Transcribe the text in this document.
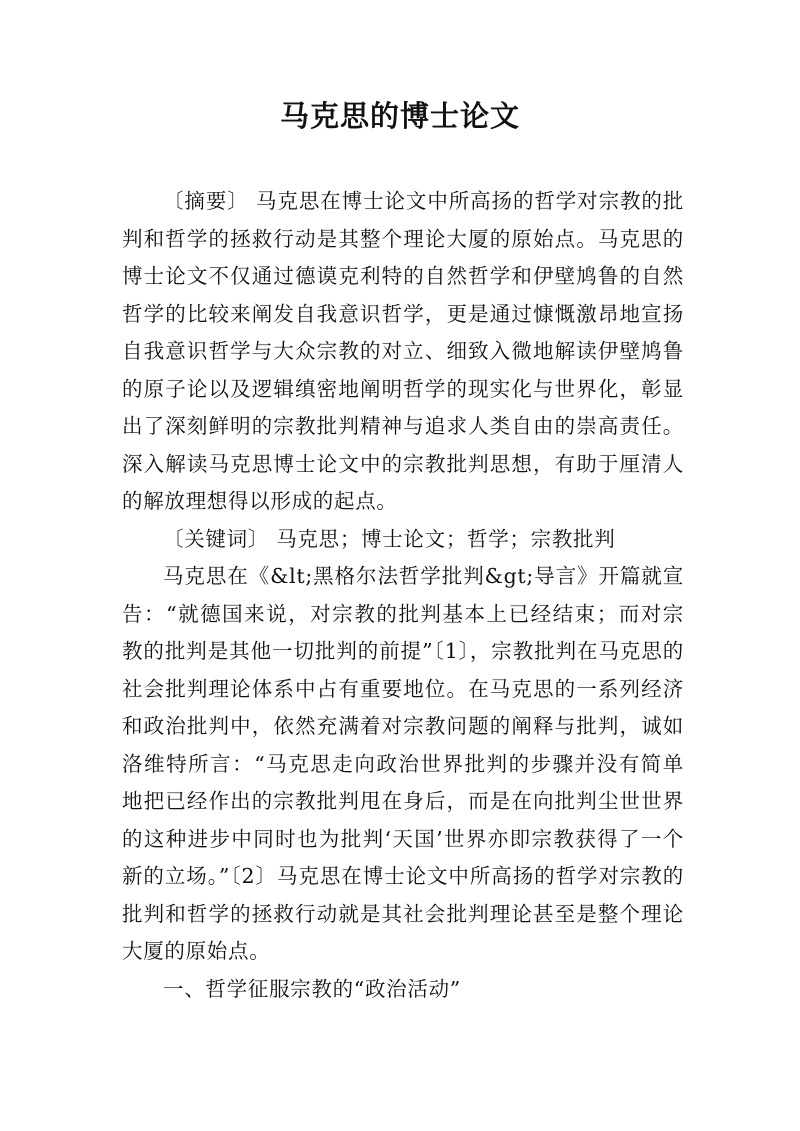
马克思的博士论文

〔摘要〕 马克思在博士论文中所高扬的哲学对宗教的批判和哲学的拯救行动是其整个理论大厦的原始点。马克思的博士论文不仅通过德谟克利特的自然哲学和伊壁鸠鲁的自然哲学的比较来阐发自我意识哲学，更是通过慷慨激昂地宣扬自我意识哲学与大众宗教的对立、细致入微地解读伊壁鸠鲁的原子论以及逻辑缜密地阐明哲学的现实化与世界化，彰显出了深刻鲜明的宗教批判精神与追求人类自由的崇高责任。深入解读马克思博士论文中的宗教批判思想，有助于厘清人的解放理想得以形成的起点。

〔关键词〕 马克思；博士论文；哲学；宗教批判

马克思在《&lt;黑格尔法哲学批判&gt;导言》开篇就宣告：“就德国来说，对宗教的批判基本上已经结束；而对宗教的批判是其他一切批判的前提”〔1〕，宗教批判在马克思的社会批判理论体系中占有重要地位。在马克思的一系列经济和政治批判中，依然充满着对宗教问题的阐释与批判，诚如洛维特所言：“马克思走向政治世界批判的步骤并没有简单地把已经作出的宗教批判甩在身后，而是在向批判尘世世界的这种进步中同时也为批判‘天国’世界亦即宗教获得了一个新的立场。”〔2〕马克思在博士论文中所高扬的哲学对宗教的批判和哲学的拯救行动就是其社会批判理论甚至是整个理论大厦的原始点。

一、哲学征服宗教的“政治活动”
